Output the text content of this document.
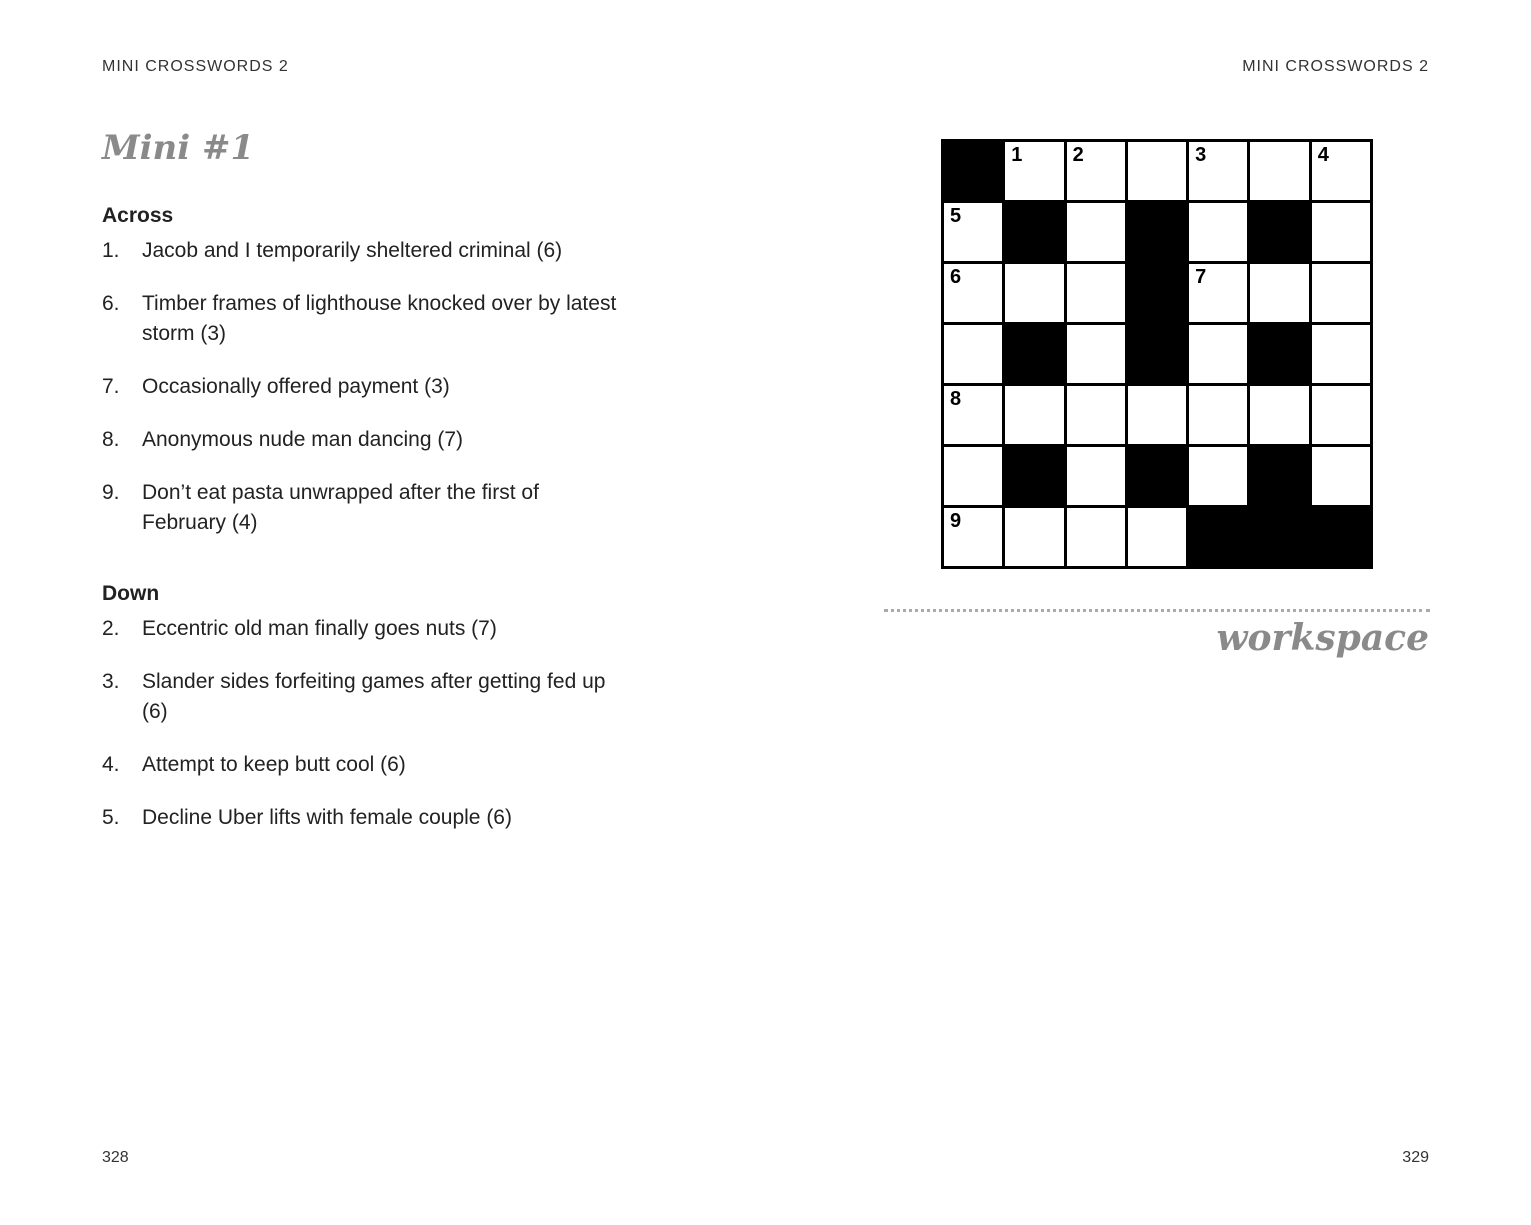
MINI CROSSWORDS 2	MINI CROSSWORDS 2
Mini #1
Across
1. Jacob and I temporarily sheltered criminal (6)
6. Timber frames of lighthouse knocked over by latest storm (3)
7. Occasionally offered payment (3)
8. Anonymous nude man dancing (7)
9. Don’t eat pasta unwrapped after the first of February (4)
Down
2. Eccentric old man finally goes nuts (7)
3. Slander sides forfeiting games after getting fed up (6)
4. Attempt to keep butt cool (6)
5. Decline Uber lifts with female couple (6)
1	2	3	4
5
6	7
8
9
workspace
328	329
